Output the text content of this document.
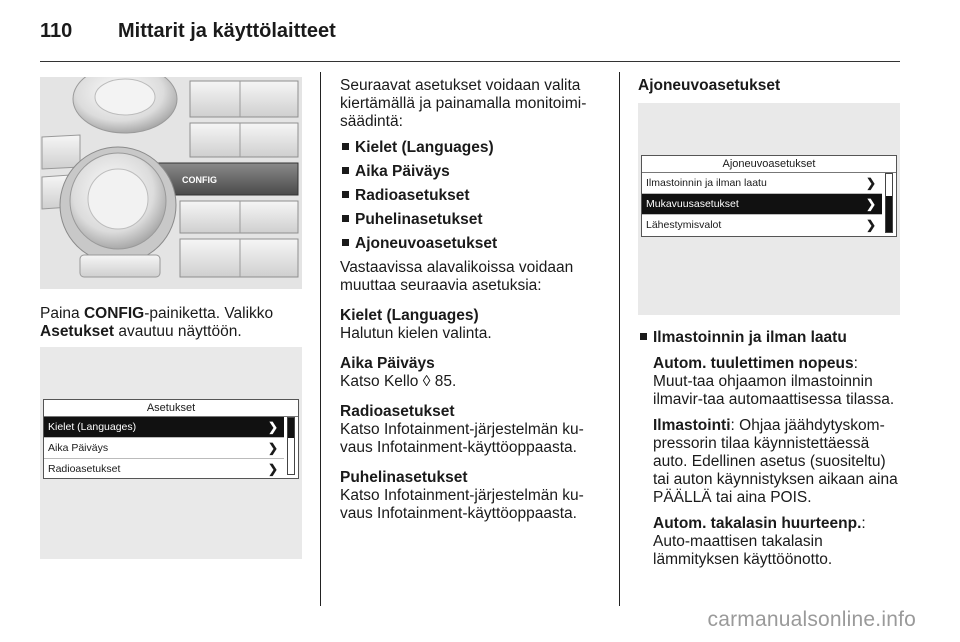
110 Mittarit ja käyttölaitteet
CONFIG
Paina CONFIG-painiketta. Valikko Asetukset avautuu näyttöön.
Asetukset
Kielet (Languages)	❯
Aika Päiväys	❯
Radioasetukset	❯

Seuraavat asetukset voidaan valita kiertämällä ja painamalla monitoimi-säädintä:

Kielet (Languages)
Aika Päiväys
Radioasetukset
Puhelinasetukset
Ajoneuvoasetukset

Vastaavissa alavalikoissa voidaan muuttaa seuraavia asetuksia:

Kielet (Languages)
Halutun kielen valinta.
Aika Päiväys
Katso Kello ◊ 85.
Radioasetukset
Katso Infotainment-järjestelmän ku-vaus Infotainment-käyttöoppaasta.
Puhelinasetukset
Katso Infotainment-järjestelmän ku-vaus Infotainment-käyttöoppaasta.
Ajoneuvoasetukset
Ajoneuvoasetukset
Ilmastoinnin ja ilman laatu	❯
Mukavuusasetukset	❯
Lähestymisvalot	❯
Ilmastoinnin ja ilman laatu

Autom. tuulettimen nopeus: Muut-taa ohjaamon ilmastoinnin ilmavir-taa automaattisessa tilassa.

Ilmastointi: Ohjaa jäähdytyskom-pressorin tilaa käynnistettäessä auto. Edellinen asetus (suositeltu) tai auton käynnistyksen aikaan aina PÄÄLLÄ tai aina POIS.

Autom. takalasin huurteenp.: Auto-maattisen takalasin lämmityksen käyttöönotto.

carmanualsonline.info
